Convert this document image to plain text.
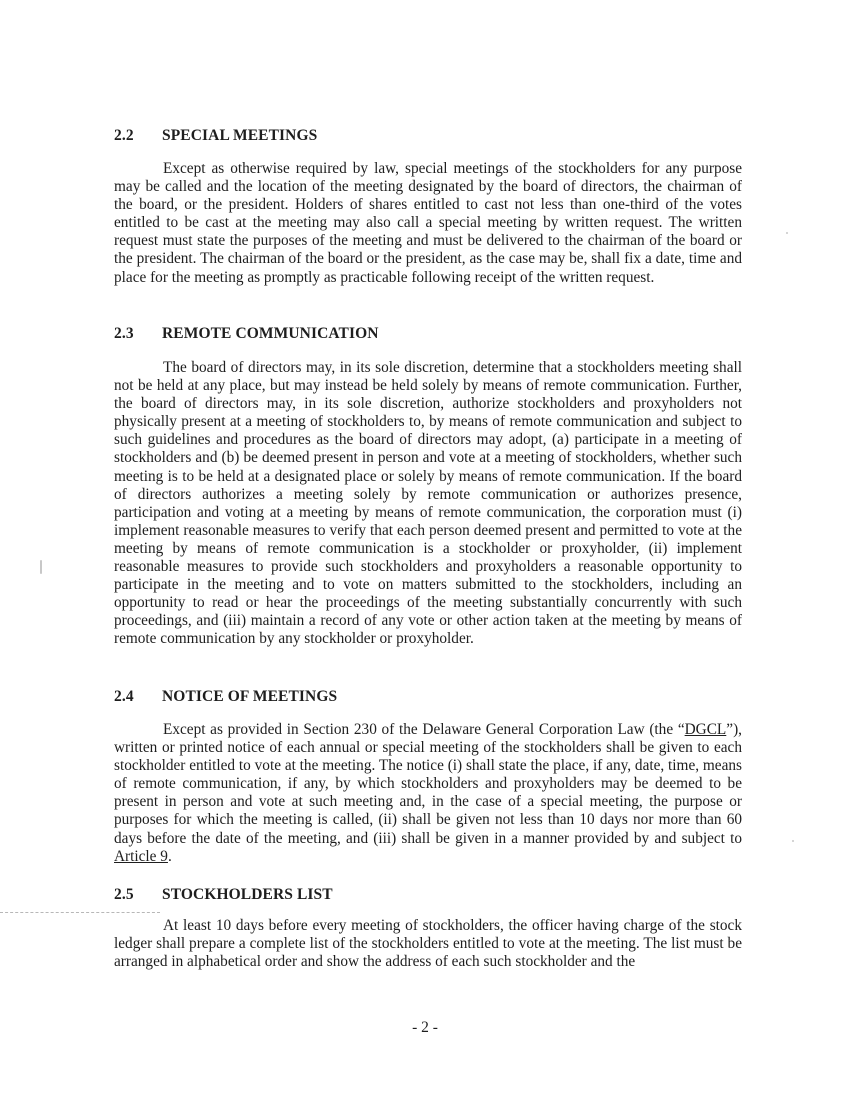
2.2 SPECIAL MEETINGS

Except as otherwise required by law, special meetings of the stockholders for any purpose may be called and the location of the meeting designated by the board of directors, the chairman of the board, or the president. Holders of shares entitled to cast not less than one-third of the votes entitled to be cast at the meeting may also call a special meeting by written request. The written request must state the purposes of the meeting and must be delivered to the chairman of the board or the president. The chairman of the board or the president, as the case may be, shall fix a date, time and place for the meeting as promptly as practicable following receipt of the written request.

2.3 REMOTE COMMUNICATION

The board of directors may, in its sole discretion, determine that a stockholders meeting shall not be held at any place, but may instead be held solely by means of remote communication. Further, the board of directors may, in its sole discretion, authorize stockholders and proxyholders not physically present at a meeting of stockholders to, by means of remote communication and subject to such guidelines and procedures as the board of directors may adopt, (a) participate in a meeting of stockholders and (b) be deemed present in person and vote at a meeting of stockholders, whether such meeting is to be held at a designated place or solely by means of remote communication. If the board of directors authorizes a meeting solely by remote communication or authorizes presence, participation and voting at a meeting by means of remote communication, the corporation must (i) implement reasonable measures to verify that each person deemed present and permitted to vote at the meeting by means of remote communication is a stockholder or proxyholder, (ii) implement reasonable measures to provide such stockholders and proxyholders a reasonable opportunity to participate in the meeting and to vote on matters submitted to the stockholders, including an opportunity to read or hear the proceedings of the meeting substantially concurrently with such proceedings, and (iii) maintain a record of any vote or other action taken at the meeting by means of remote communication by any stockholder or proxyholder.

2.4 NOTICE OF MEETINGS

Except as provided in Section 230 of the Delaware General Corporation Law (the “DGCL”), written or printed notice of each annual or special meeting of the stockholders shall be given to each stockholder entitled to vote at the meeting. The notice (i) shall state the place, if any, date, time, means of remote communication, if any, by which stockholders and proxyholders may be deemed to be present in person and vote at such meeting and, in the case of a special meeting, the purpose or purposes for which the meeting is called, (ii) shall be given not less than 10 days nor more than 60 days before the date of the meeting, and (iii) shall be given in a manner provided by and subject to Article 9.

2.5 STOCKHOLDERS LIST

At least 10 days before every meeting of stockholders, the officer having charge of the stock ledger shall prepare a complete list of the stockholders entitled to vote at the meeting. The list must be arranged in alphabetical order and show the address of each such stockholder and the

- 2 -
